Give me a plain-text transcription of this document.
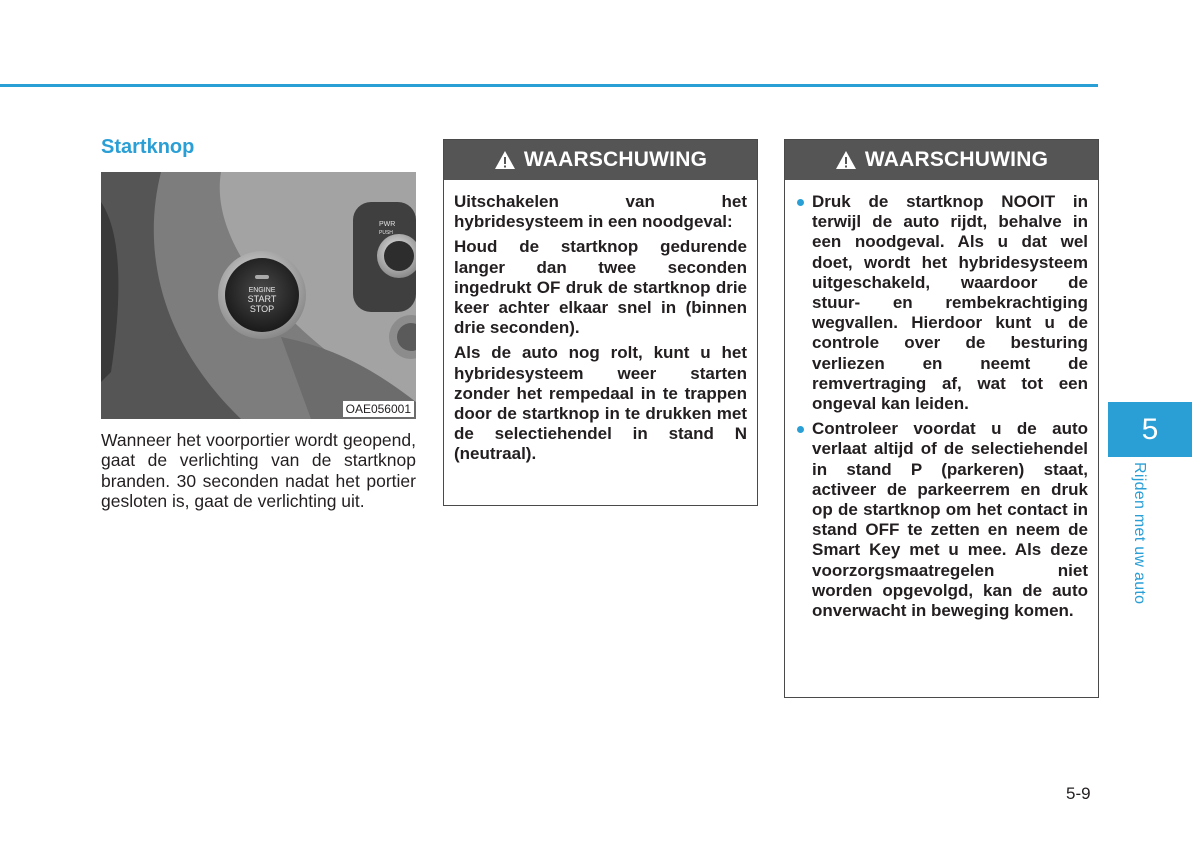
Startknop
PWR
PUSH
ENGINE
START
STOP
OAE056001
Wanneer het voorportier wordt geopend, gaat de verlichting van de startknop branden. 30 seconden nadat het portier gesloten is, gaat de verlichting uit.
WAARSCHUWING

Uitschakelen van het hybridesysteem in een noodgeval:

Houd de startknop gedurende langer dan twee seconden ingedrukt OF druk de startknop drie keer achter elkaar snel in (binnen drie seconden).

Als de auto nog rolt, kunt u het hybridesysteem weer starten zonder het rempedaal in te trappen door de startknop in te drukken met de selectiehendel in stand N (neutraal).

WAARSCHUWING
Druk de startknop NOOIT in terwijl de auto rijdt, behalve in een noodgeval. Als u dat wel doet, wordt het hybridesysteem uitgeschakeld, waardoor de stuur- en rembekrachtiging wegvallen. Hierdoor kunt u de controle over de besturing verliezen en neemt de remvertraging af, wat tot een ongeval kan leiden.
Controleer voordat u de auto verlaat altijd of de selectiehendel in stand P (parkeren) staat, activeer de parkeerrem en druk op de startknop om het contact in stand OFF te zetten en neem de Smart Key met u mee. Als deze voorzorgsmaatregelen niet worden opgevolgd, kan de auto onverwacht in beweging komen.
5
Rijden met uw auto
5-9
